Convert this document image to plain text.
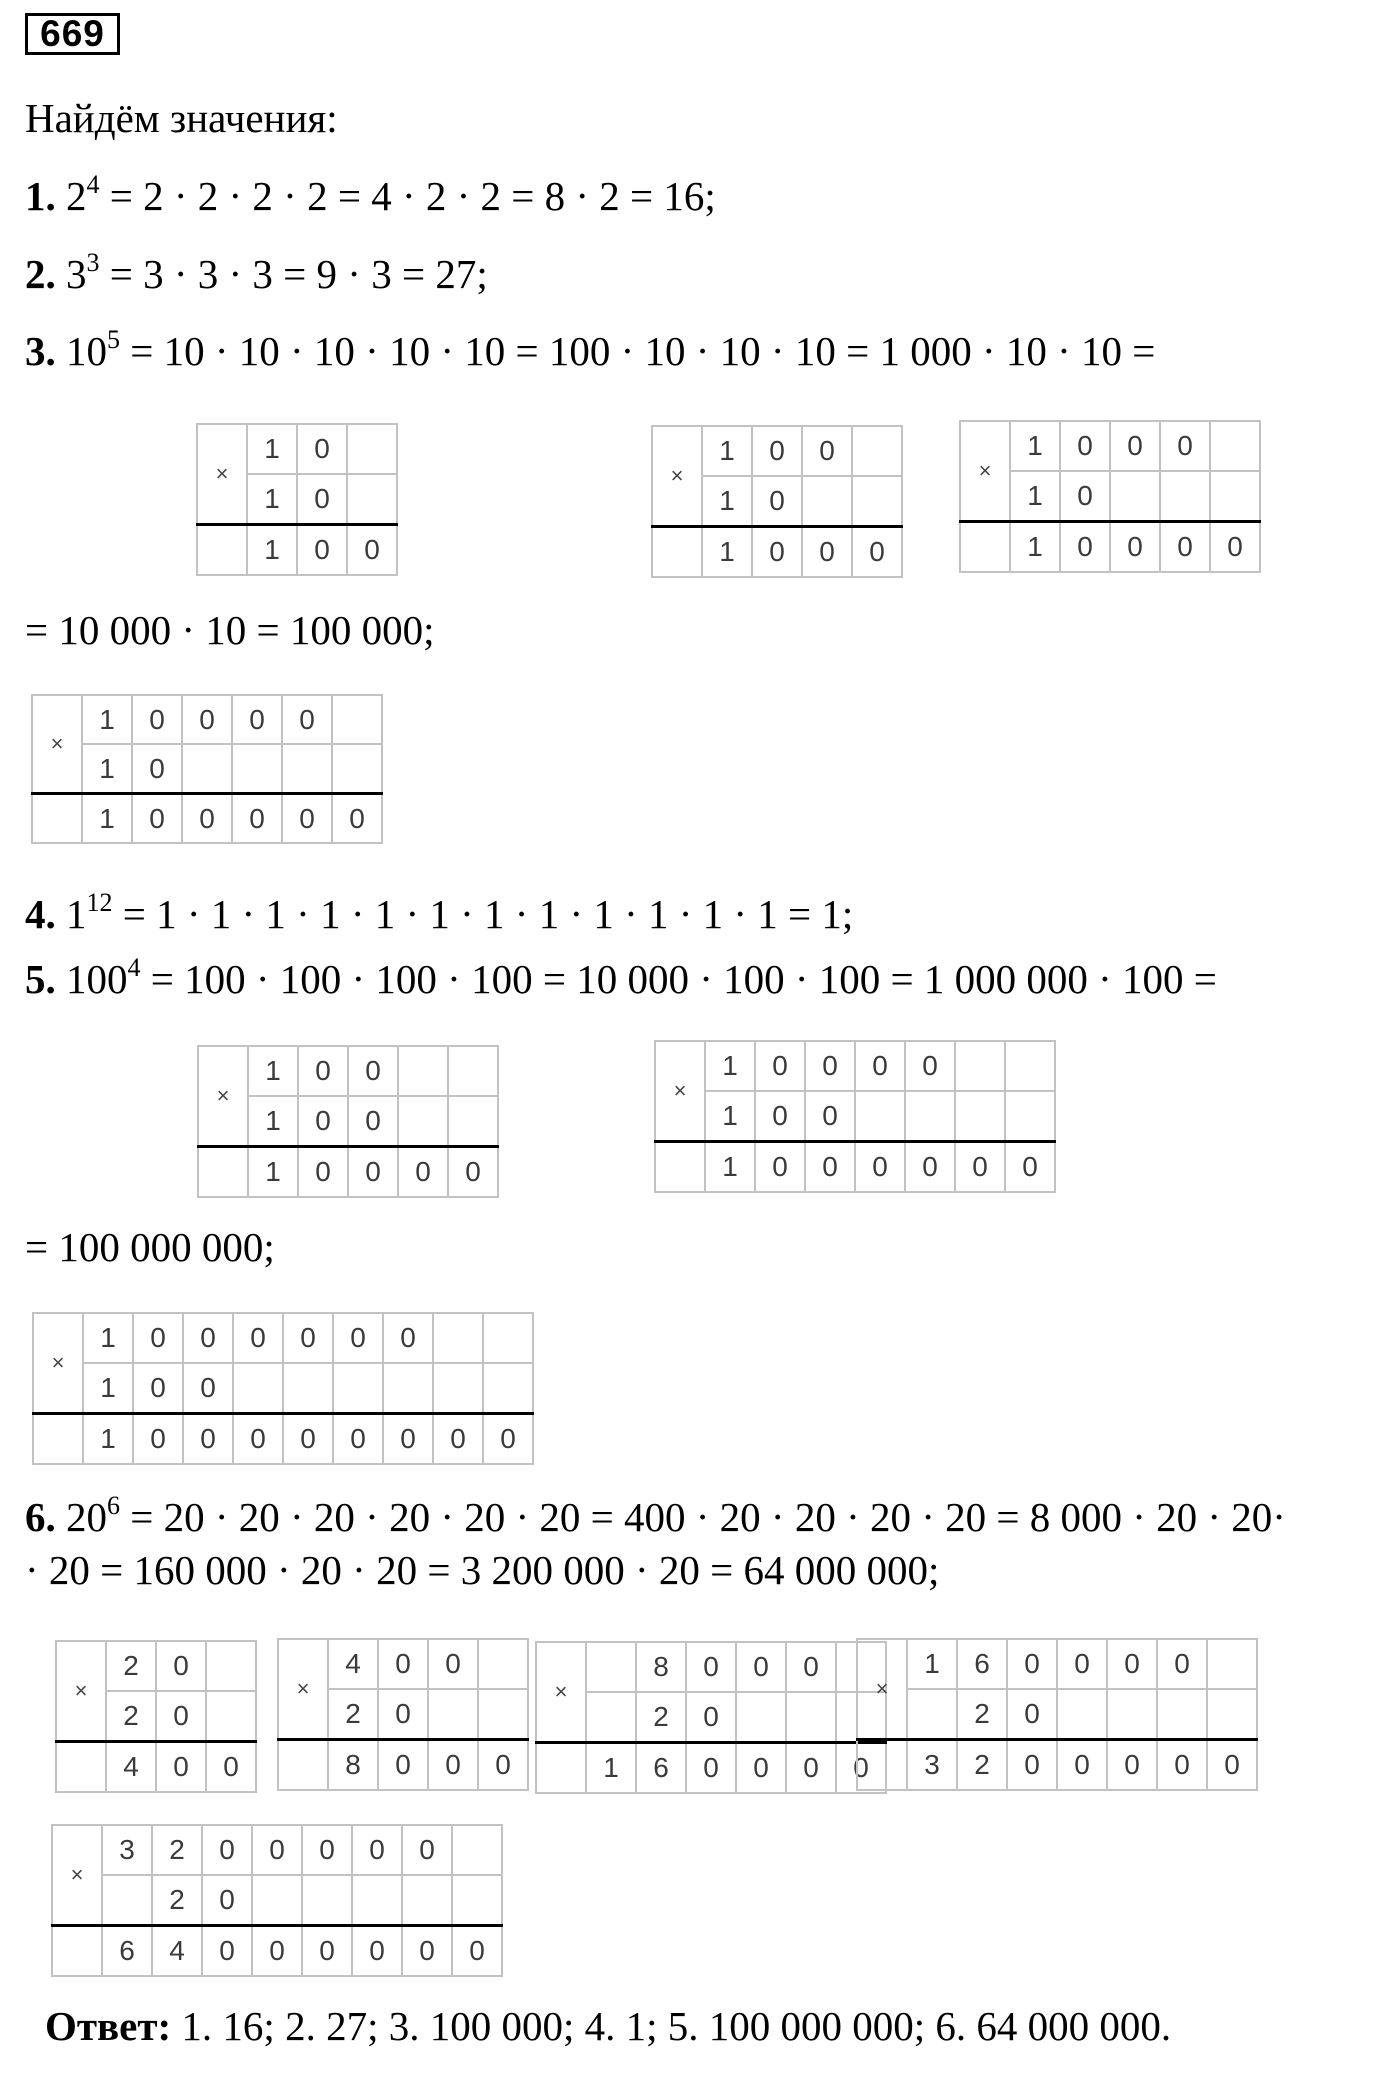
669
Найдём значения:
1. $2^4 = 2 \cdot 2 \cdot 2 \cdot 2 = 4 \cdot 2 \cdot 2 = 8 \cdot 2 = 16$;
2. $3^3 = 3 \cdot 3 \cdot 3 = 9 \cdot 3 = 27$;
3. $10^5 = 10 \cdot 10 \cdot 10 \cdot 10 \cdot 10 = 100 \cdot 10 \cdot 10 \cdot 10 = 1$ 000 · 10 · 10 =
= 10 000 · 10 = 100 000;
4. $1^{12} = 1 \cdot 1 \cdot 1 \cdot 1 \cdot 1 \cdot 1 \cdot 1 \cdot 1 \cdot 1 \cdot 1 \cdot 1 \cdot 1 = 1$;
5. $100^4 = 100 \cdot 100 \cdot 100 \cdot 100 = 10$ 000 · 100 · 100 = 1 000 000 · 100 =
= 100 000 000;
6. $20^6 = 20 \cdot 20 \cdot 20 \cdot 20 \cdot 20 \cdot 20 = 400 \cdot 20 \cdot 20 \cdot 20 \cdot 20 = 8$ 000 · 20 · 20·
· 20 = 160 000 · 20 · 20 = 3 200 000 · 20 = 64 000 000;
×	1	0	
	1	0	
	1	0	0
×	1	0	0	
	1	0		
	1	0	0	0
×	1	0	0	0	
	1	0			
	1	0	0	0	0
×	1	0	0	0	0	
	1	0				
	1	0	0	0	0	0
×	1	0	0		
	1	0	0		
	1	0	0	0	0
×	1	0	0	0	0		
	1	0	0				
	1	0	0	0	0	0	0
×	1	0	0	0	0	0	0		
	1	0	0						
	1	0	0	0	0	0	0	0	0
×	2	0	
	2	0	
	4	0	0
×	4	0	0	
	2	0		
	8	0	0	0
×		8	0	0	0	
		2	0			
	1	6	0	0	0	0
×	1	6	0	0	0	0	
		2	0				
	3	2	0	0	0	0	0
×	3	2	0	0	0	0	0	
		2	0					
	6	4	0	0	0	0	0	0
Ответ: 1. 16; 2. 27; 3. 100 000; 4. 1; 5. 100 000 000; 6. 64 000 000.
